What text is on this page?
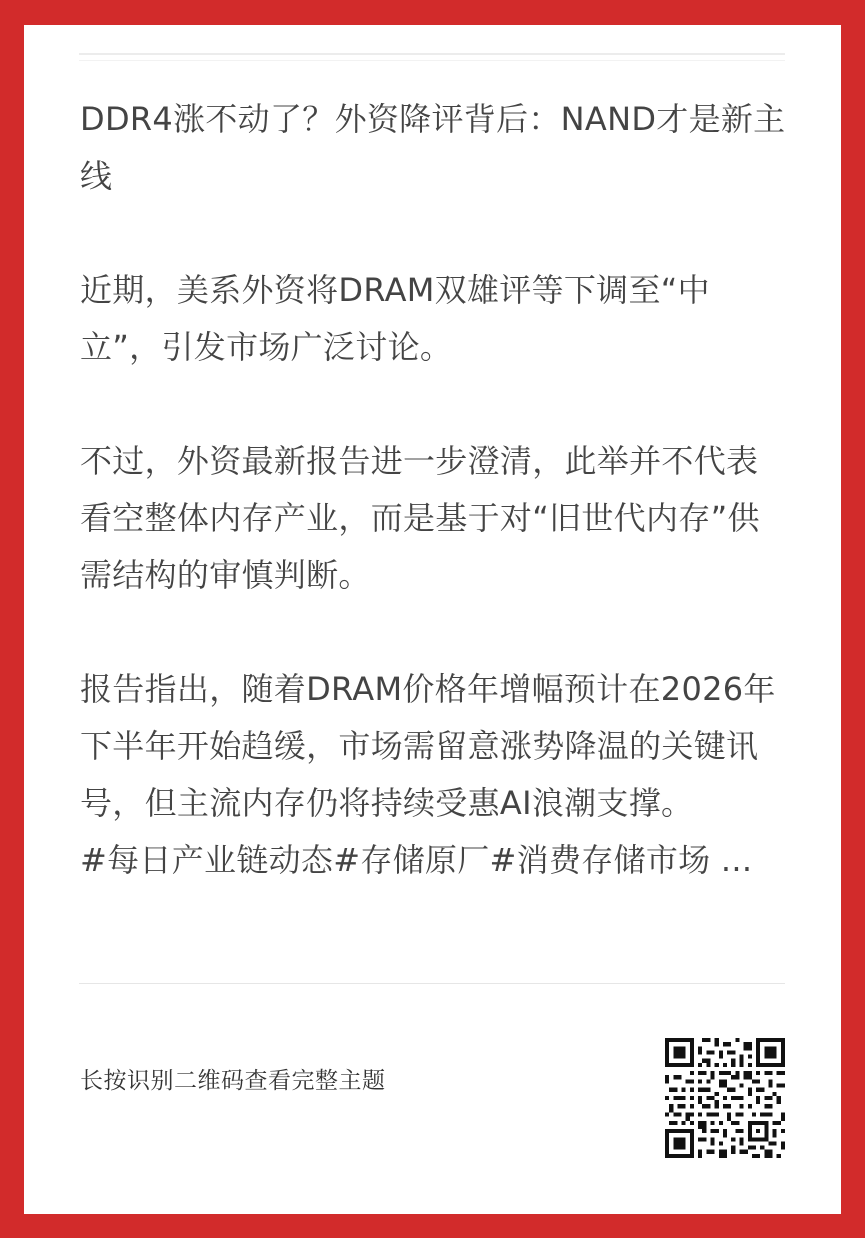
DDR4涨不动了？外资降评背后：NAND才是新主线

近期，美系外资将DRAM双雄评等下调至“中立”，引发市场广泛讨论。

不过，外资最新报告进一步澄清，此举并不代表看空整体内存产业，而是基于对“旧世代内存”供需结构的审慎判断。

报告指出，随着DRAM价格年增幅预计在2026年下半年开始趋缓，市场需留意涨势降温的关键讯号，但主流内存仍将持续受惠AI浪潮支撑。
#每日产业链动态#存储原厂#消费存储市场 ...

长按识别二维码查看完整主题
